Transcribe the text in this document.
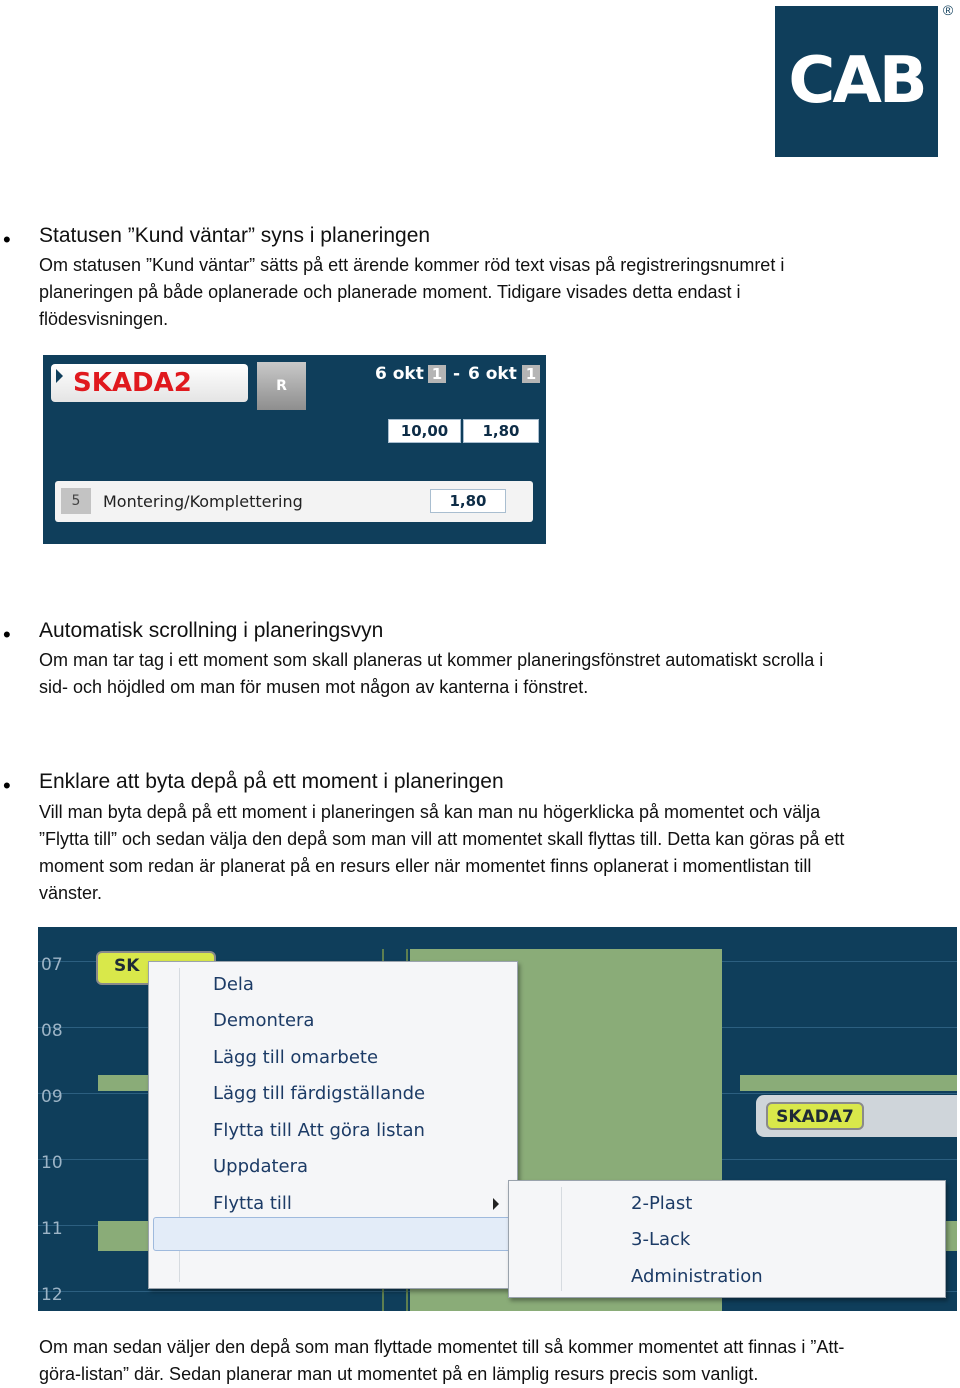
CAB
®
• Statusen ”Kund väntar” syns i planeringen
Om statusen ”Kund väntar” sätts på ett ärende kommer röd text visas på registreringsnumret i
planeringen på både oplanerade och planerade moment. Tidigare visades detta endast i
flödesvisningen.
SKADA2	R
6 okt 1 - 6 okt 1
10,00	1,80
5	Montering/Komplettering	1,80
• Automatisk scrollning i planeringsvyn
Om man tar tag i ett moment som skall planeras ut kommer planeringsfönstret automatiskt scrolla i
sid- och höjdled om man för musen mot någon av kanterna i fönstret.
• Enklare att byta depå på ett moment i planeringen
Vill man byta depå på ett moment i planeringen så kan man nu högerklicka på momentet och välja
”Flytta till” och sedan välja den depå som man vill att momentet skall flyttas till. Detta kan göras på ett
moment som redan är planerat på en resurs eller när momentet finns oplanerat i momentlistan till
vänster.
07
08
09
10
11
12
SK
SKADA7
Dela
Demontera
Lägg till omarbete
Lägg till färdigställande
Flytta till Att göra listan
Uppdatera
Flytta till	2-Plast
3-Lack
Administration
Om man sedan väljer den depå som man flyttade momentet till så kommer momentet att finnas i ”Att-
göra-listan” där. Sedan planerar man ut momentet på en lämplig resurs precis som vanligt.
